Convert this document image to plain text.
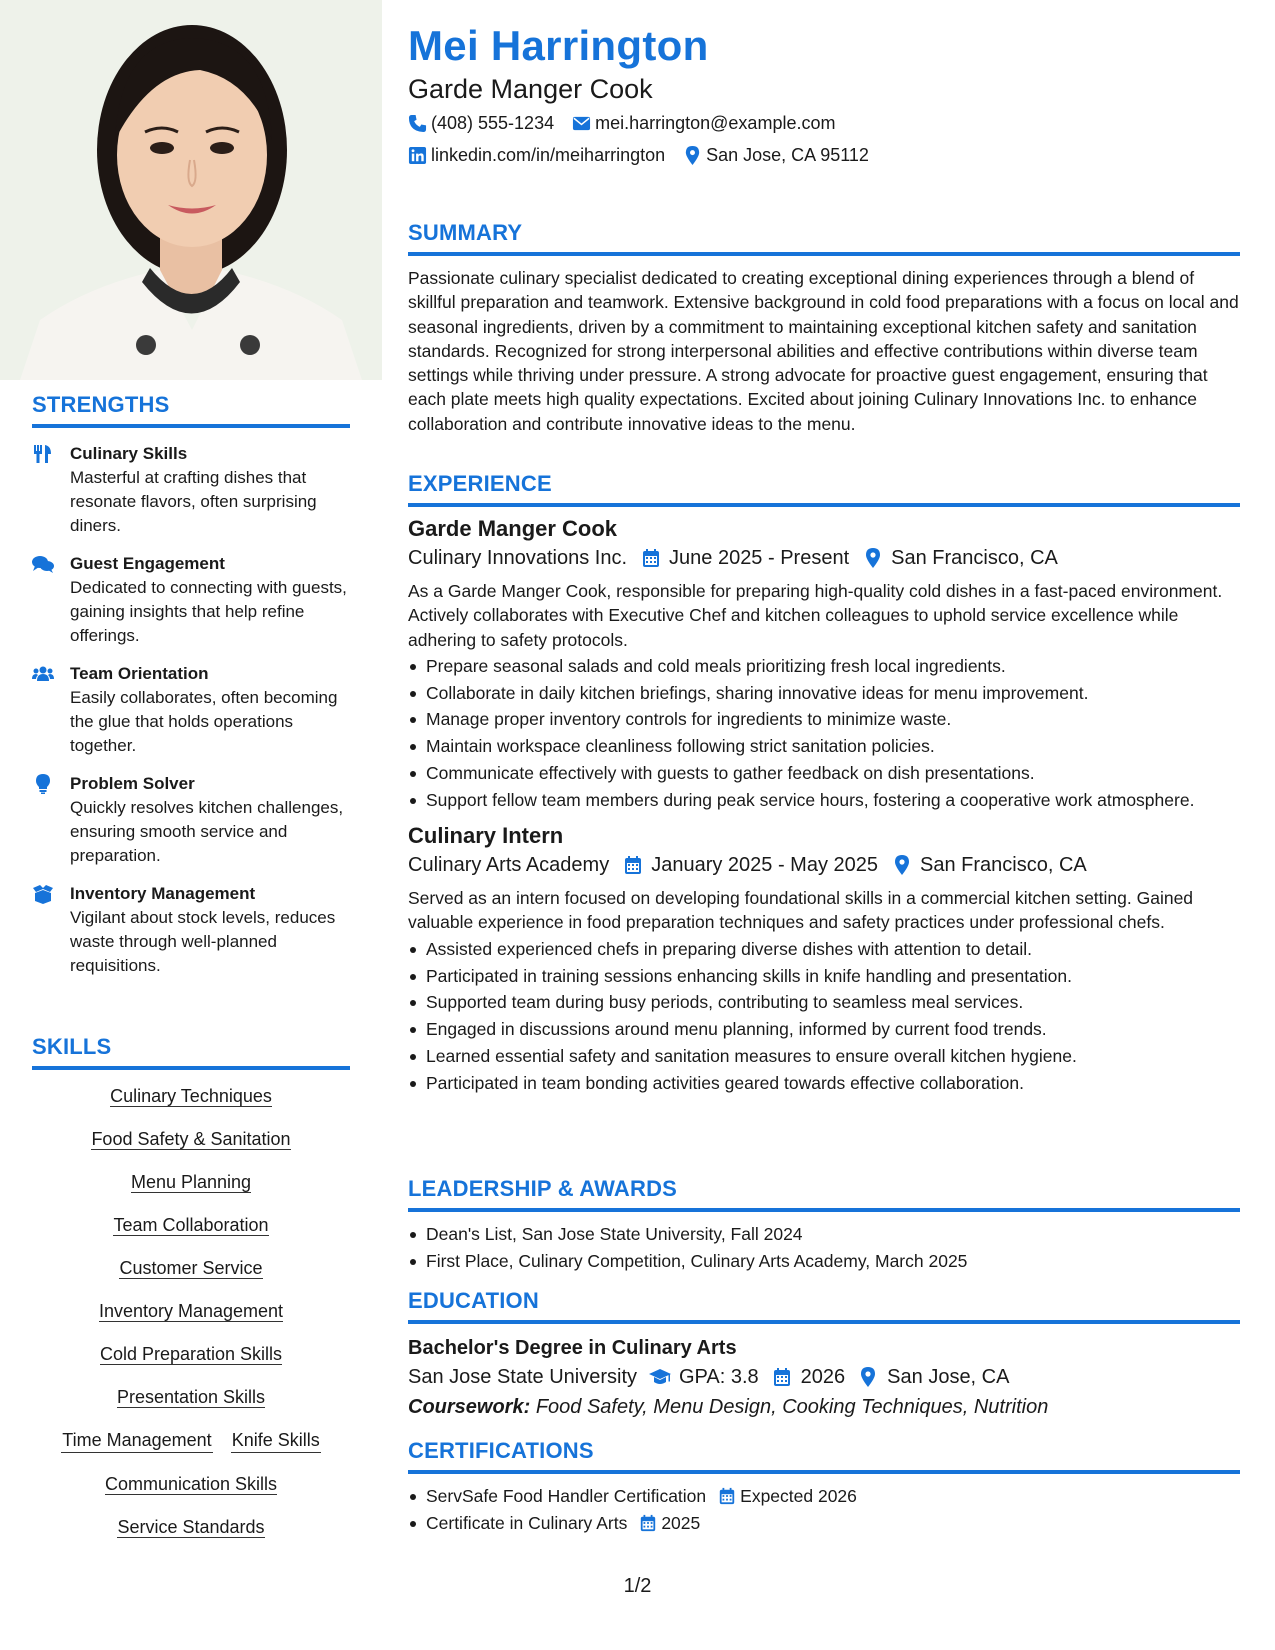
STRENGTHS
Culinary Skills
Masterful at crafting dishes that resonate flavors, often surprising diners.
Guest Engagement
Dedicated to connecting with guests, gaining insights that help refine offerings.
Team Orientation
Easily collaborates, often becoming the glue that holds operations together.
Problem Solver
Quickly resolves kitchen challenges, ensuring smooth service and preparation.
Inventory Management
Vigilant about stock levels, reduces waste through well-planned requisitions.
SKILLS
Culinary Techniques
Food Safety & Sanitation
Menu Planning
Team Collaboration
Customer Service
Inventory Management
Cold Preparation Skills
Presentation Skills
Time Management Knife Skills
Communication Skills
Service Standards
Mei Harrington
Garde Manger Cook
(408) 555-1234 mei.harrington@example.com
linkedin.com/in/meiharrington San Jose, CA 95112
SUMMARY
Passionate culinary specialist dedicated to creating exceptional dining experiences through a blend of skillful preparation and teamwork. Extensive background in cold food preparations with a focus on local and seasonal ingredients, driven by a commitment to maintaining exceptional kitchen safety and sanitation standards. Recognized for strong interpersonal abilities and effective contributions within diverse team settings while thriving under pressure. A strong advocate for proactive guest engagement, ensuring that each plate meets high quality expectations. Excited about joining Culinary Innovations Inc. to enhance collaboration and contribute innovative ideas to the menu.
EXPERIENCE
Garde Manger Cook
Culinary Innovations Inc. June 2025 - Present San Francisco, CA
As a Garde Manger Cook, responsible for preparing high-quality cold dishes in a fast-paced environment. Actively collaborates with Executive Chef and kitchen colleagues to uphold service excellence while adhering to safety protocols.
Prepare seasonal salads and cold meals prioritizing fresh local ingredients.
Collaborate in daily kitchen briefings, sharing innovative ideas for menu improvement.
Manage proper inventory controls for ingredients to minimize waste.
Maintain workspace cleanliness following strict sanitation policies.
Communicate effectively with guests to gather feedback on dish presentations.
Support fellow team members during peak service hours, fostering a cooperative work atmosphere.
Culinary Intern
Culinary Arts Academy January 2025 - May 2025 San Francisco, CA
Served as an intern focused on developing foundational skills in a commercial kitchen setting. Gained valuable experience in food preparation techniques and safety practices under professional chefs.
Assisted experienced chefs in preparing diverse dishes with attention to detail.
Participated in training sessions enhancing skills in knife handling and presentation.
Supported team during busy periods, contributing to seamless meal services.
Engaged in discussions around menu planning, informed by current food trends.
Learned essential safety and sanitation measures to ensure overall kitchen hygiene.
Participated in team bonding activities geared towards effective collaboration.
LEADERSHIP & AWARDS
Dean's List, San Jose State University, Fall 2024
First Place, Culinary Competition, Culinary Arts Academy, March 2025
EDUCATION
Bachelor's Degree in Culinary Arts
San Jose State University GPA: 3.8 2026 San Jose, CA
Coursework: Food Safety, Menu Design, Cooking Techniques, Nutrition
CERTIFICATIONS
ServSafe Food Handler Certification Expected 2026
Certificate in Culinary Arts 2025
1/2
